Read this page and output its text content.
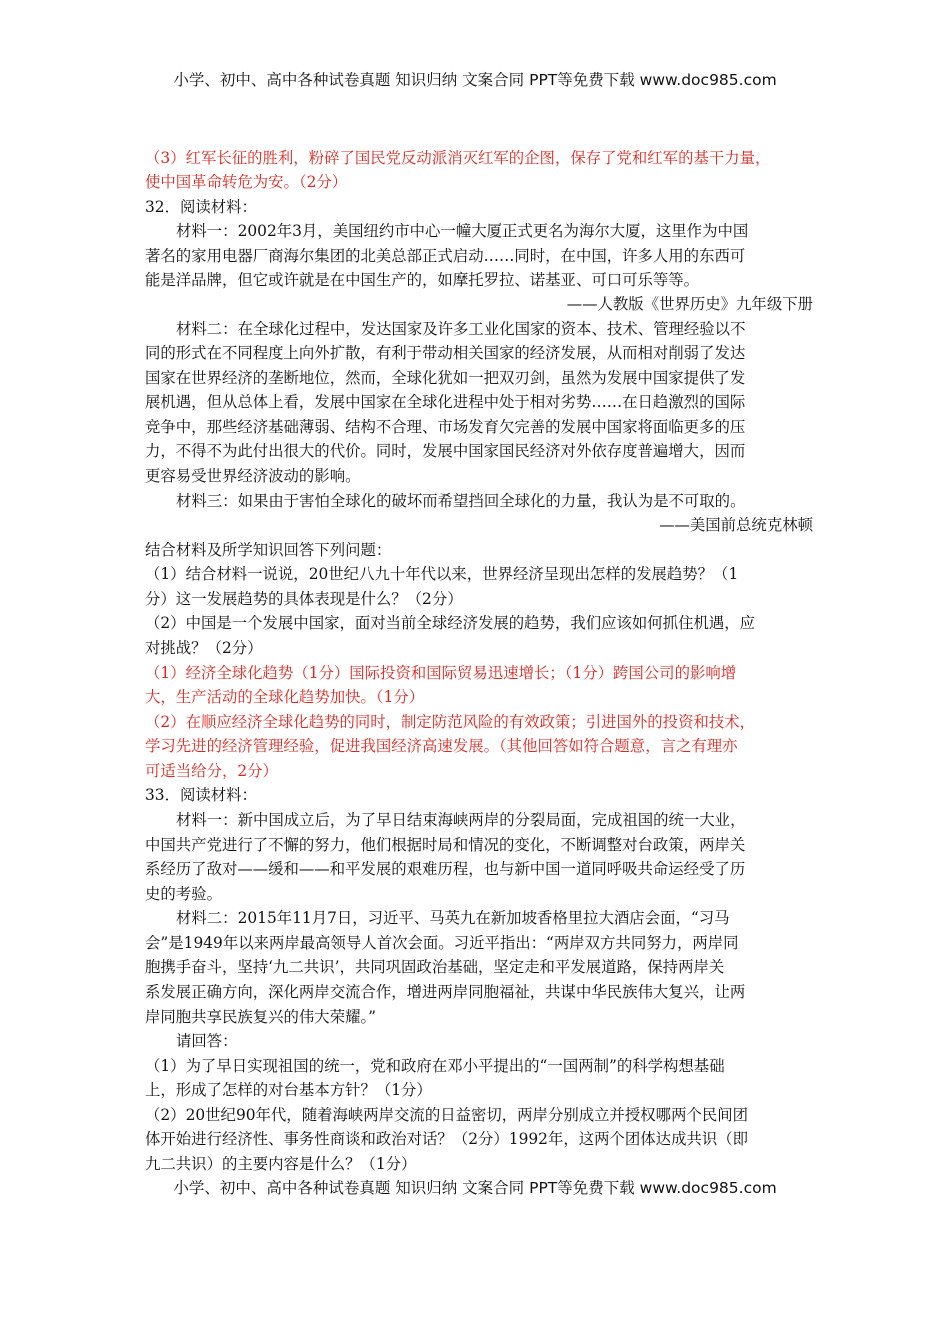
小学、初中、高中各种试卷真题 知识归纳 文案合同 PPT等免费下载 www.doc985.com
（3）红军长征的胜利，粉碎了国民党反动派消灭红军的企图，保存了党和红军的基干力量，
使中国革命转危为安。（2分）
32．阅读材料：
材料一：2002年3月，美国纽约市中心一幢大厦正式更名为海尔大厦，这里作为中国
著名的家用电器厂商海尔集团的北美总部正式启动……同时，在中国，许多人用的东西可
能是洋品牌，但它或许就是在中国生产的，如摩托罗拉、诺基亚、可口可乐等等。
——人教版《世界历史》九年级下册
材料二：在全球化过程中，发达国家及许多工业化国家的资本、技术、管理经验以不
同的形式在不同程度上向外扩散，有利于带动相关国家的经济发展，从而相对削弱了发达
国家在世界经济的垄断地位，然而，全球化犹如一把双刃剑，虽然为发展中国家提供了发
展机遇，但从总体上看，发展中国家在全球化进程中处于相对劣势……在日趋激烈的国际
竞争中，那些经济基础薄弱、结构不合理、市场发育欠完善的发展中国家将面临更多的压
力，不得不为此付出很大的代价。同时，发展中国家国民经济对外依存度普遍增大，因而
更容易受世界经济波动的影响。
材料三：如果由于害怕全球化的破坏而希望挡回全球化的力量，我认为是不可取的。
——美国前总统克林顿
结合材料及所学知识回答下列问题：
（1）结合材料一说说，20世纪八九十年代以来，世界经济呈现出怎样的发展趋势？（1
分）这一发展趋势的具体表现是什么？（2分）
（2）中国是一个发展中国家，面对当前全球经济发展的趋势，我们应该如何抓住机遇，应
对挑战？（2分）
（1）经济全球化趋势（1分）国际投资和国际贸易迅速增长；（1分）跨国公司的影响增
大，生产活动的全球化趋势加快。（1分）
（2）在顺应经济全球化趋势的同时，制定防范风险的有效政策；引进国外的投资和技术，
学习先进的经济管理经验，促进我国经济高速发展。（其他回答如符合题意，言之有理亦
可适当给分，2分）
33．阅读材料：
材料一：新中国成立后，为了早日结束海峡两岸的分裂局面，完成祖国的统一大业，
中国共产党进行了不懈的努力，他们根据时局和情况的变化，不断调整对台政策，两岸关
系经历了敌对——缓和——和平发展的艰难历程，也与新中国一道同呼吸共命运经受了历
史的考验。
材料二：2015年11月7日，习近平、马英九在新加坡香格里拉大酒店会面，“习马
会”是1949年以来两岸最高领导人首次会面。习近平指出：“两岸双方共同努力，两岸同
胞携手奋斗，坚持‘九二共识’，共同巩固政治基础，坚定走和平发展道路，保持两岸关
系发展正确方向，深化两岸交流合作，增进两岸同胞福祉，共谋中华民族伟大复兴，让两
岸同胞共享民族复兴的伟大荣耀。”
请回答：
（1）为了早日实现祖国的统一，党和政府在邓小平提出的“一国两制”的科学构想基础
上，形成了怎样的对台基本方针？（1分）
（2）20世纪90年代，随着海峡两岸交流的日益密切，两岸分别成立并授权哪两个民间团
体开始进行经济性、事务性商谈和政治对话？（2分）1992年，这两个团体达成共识（即
九二共识）的主要内容是什么？（1分）
小学、初中、高中各种试卷真题 知识归纳 文案合同 PPT等免费下载 www.doc985.com
